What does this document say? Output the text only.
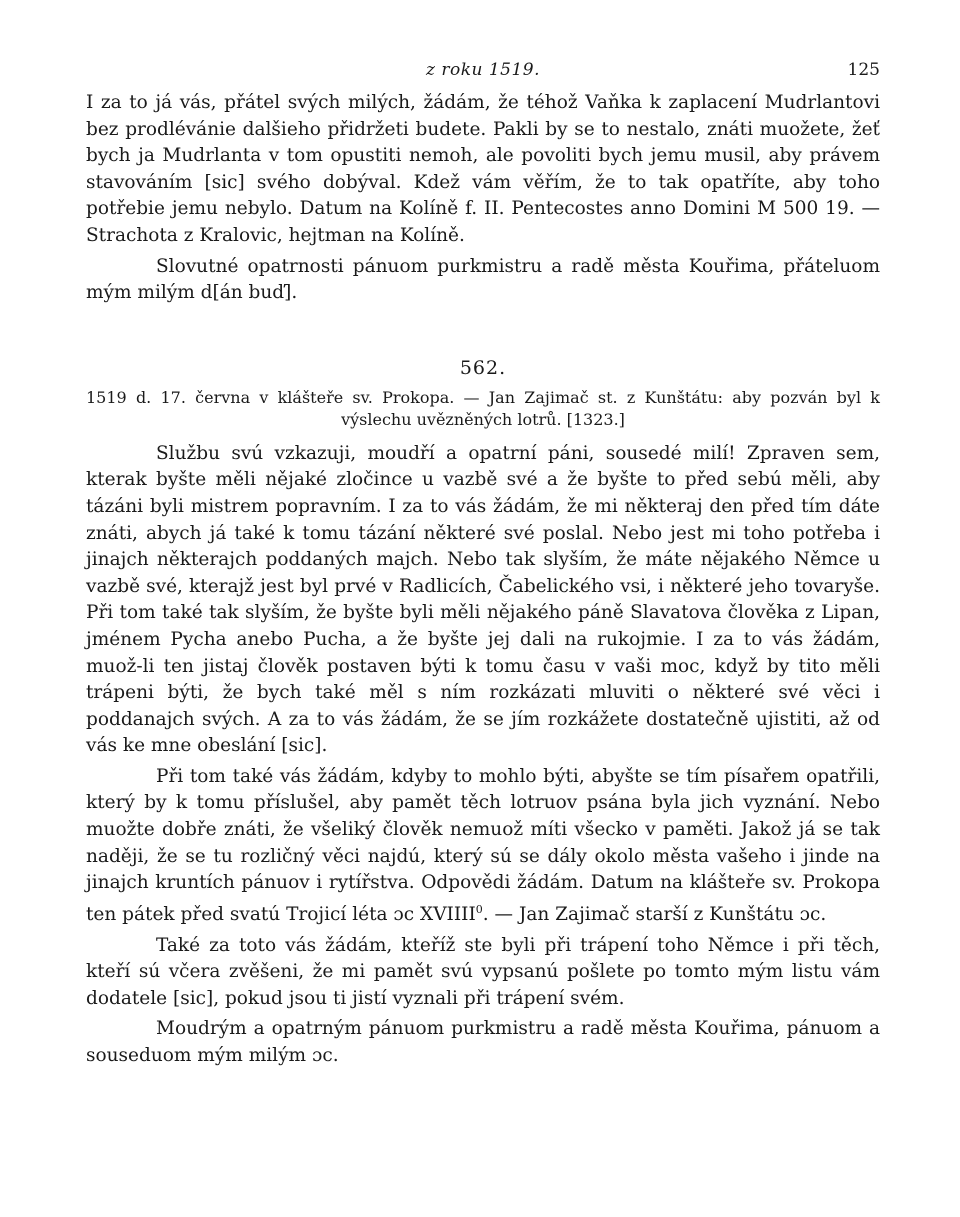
z roku 1519.	125

I za to já vás, přátel svých milých, žádám, že téhož Vaňka k zaplacení Mudrlantovi bez prodlévánie dalšieho přidržeti budete. Pakli by se to nestalo, znáti muožete, žeť bych ja Mudrlanta v tom opustiti nemoh, ale povoliti bych jemu musil, aby právem stavováním [sic] svého dobýval. Kdež vám věřím, že to tak opatříte, aby toho potřebie jemu nebylo. Datum na Kolíně f. II. Pentecostes anno Domini M 500 19. — Strachota z Kralovic, hejtman na Kolíně.

Slovutné opatrnosti pánuom purkmistru a radě města Kouřima, přáteluom mým milým d[án buď].

562.
1519 d. 17. června v klášteře sv. Prokopa. — Jan Zajimač st. z Kunštátu: aby pozván byl k výslechu uvězněných lotrů. [1323.]

Službu svú vzkazuji, moudří a opatrní páni, sousedé milí! Zpraven sem, kterak byšte měli nějaké zločince u vazbě své a že byšte to před sebú měli, aby tázáni byli mistrem popravním. I za to vás žádám, že mi některaj den před tím dáte znáti, abych já také k tomu tázání některé své poslal. Nebo jest mi toho potřeba i jinajch některajch poddaných majch. Nebo tak slyším, že máte nějakého Němce u vazbě své, kterajž jest byl prvé v Radlicích, Čabelického vsi, i některé jeho tovaryše. Při tom také tak slyším, že byšte byli měli nějakého páně Slavatova člověka z Lipan, jménem Pycha anebo Pucha, a že byšte jej dali na rukojmie. I za to vás žádám, muož-li ten jistaj člověk postaven býti k tomu času v vaši moc, když by tito měli trápeni býti, že bych také měl s ním rozkázati mluviti o některé své věci i poddanajch svých. A za to vás žádám, že se jím rozkážete dostatečně ujistiti, až od vás ke mne obeslání [sic].

Při tom také vás žádám, kdyby to mohlo býti, abyšte se tím písařem opatřili, který by k tomu příslušel, aby pamět těch lotruov psána byla jich vyznání. Nebo muožte dobře znáti, že všeliký člověk nemuož míti všecko v paměti. Jakož já se tak naději, že se tu rozličný věci najdú, který sú se dály okolo města vašeho i jinde na jinajch kruntích pánuov i rytířstva. Odpovědi žádám. Datum na klášteře sv. Prokopa ten pátek před svatú Trojicí léta ɔc XVIIII$^0$. — Jan Zajimač starší z Kunštátu ɔc.

Také za toto vás žádám, kteříž ste byli při trápení toho Němce i při těch, kteří sú včera zvěšeni, že mi pamět svú vypsanú pošlete po tomto mým listu vám dodatele [sic], pokud jsou ti jistí vyznali při trápení svém.

Moudrým a opatrným pánuom purkmistru a radě města Kouřima, pánuom a souseduom mým milým ɔc.
